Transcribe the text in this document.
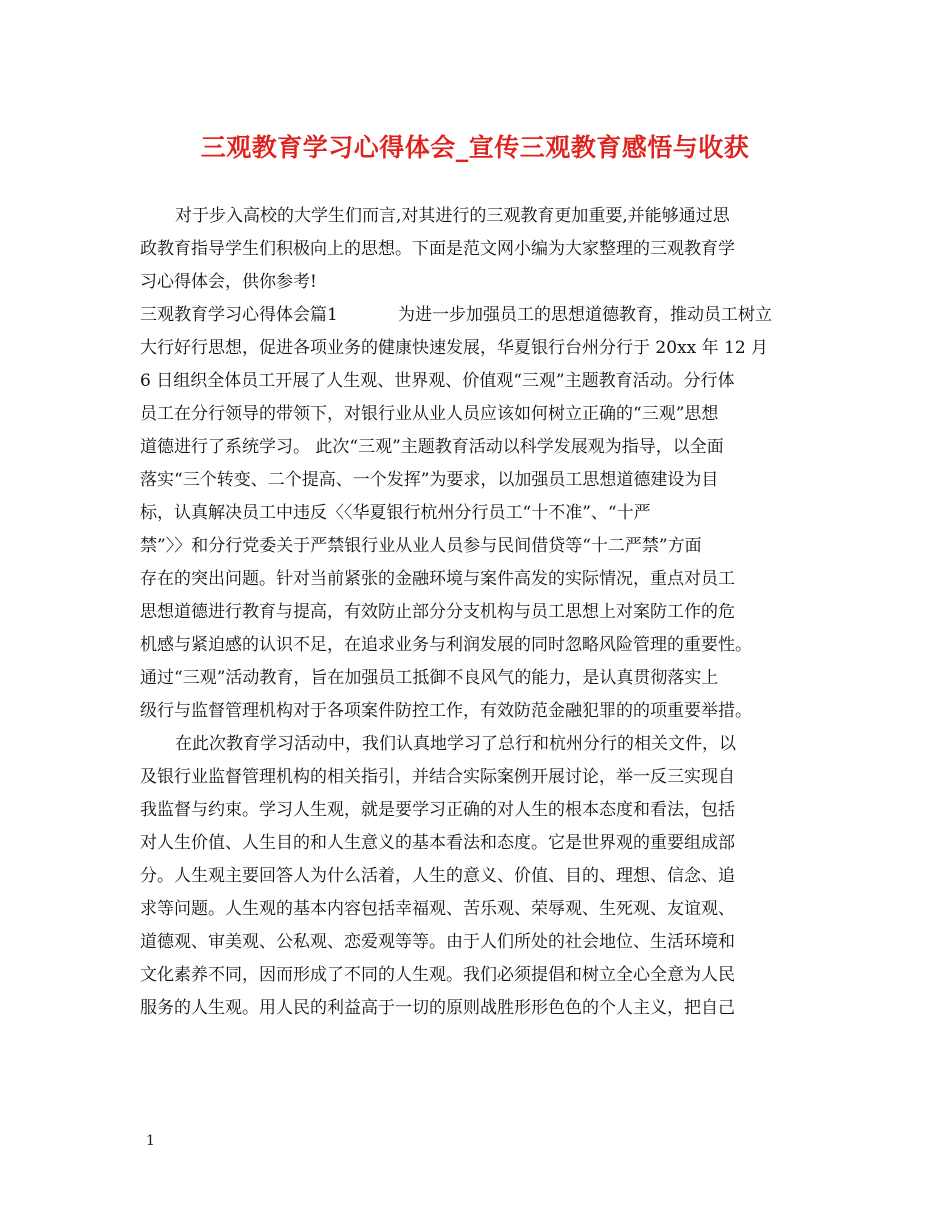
三观教育学习心得体会_宣传三观教育感悟与收获
对于步入高校的大学生们而言,对其进行的三观教育更加重要,并能够通过思
政教育指导学生们积极向上的思想。下面是范文网小编为大家整理的三观教育学
习心得体会，供你参考!
三观教育学习心得体会篇1	为进一步加强员工的思想道德教育，推动员工树立
大行好行思想，促进各项业务的健康快速发展，华夏银行台州分行于 20xx 年 12 月
6 日组织全体员工开展了人生观、世界观、价值观“三观”主题教育活动。分行体
员工在分行领导的带领下，对银行业从业人员应该如何树立正确的“三观”思想
道德进行了系统学习。 此次“三观”主题教育活动以科学发展观为指导，以全面
落实“三个转变、二个提高、一个发挥”为要求，以加强员工思想道德建设为目
标，认真解决员工中违反〈〈华夏银行杭州分行员工“十不准”、“十严
禁”〉〉和分行党委关于严禁银行业从业人员参与民间借贷等“十二严禁”方面
存在的突出问题。针对当前紧张的金融环境与案件高发的实际情况，重点对员工
思想道德进行教育与提高，有效防止部分分支机构与员工思想上对案防工作的危
机感与紧迫感的认识不足，在追求业务与利润发展的同时忽略风险管理的重要性。
通过“三观”活动教育，旨在加强员工抵御不良风气的能力，是认真贯彻落实上
级行与监督管理机构对于各项案件防控工作，有效防范金融犯罪的的项重要举措。
在此次教育学习活动中，我们认真地学习了总行和杭州分行的相关文件，以
及银行业监督管理机构的相关指引，并结合实际案例开展讨论，举一反三实现自
我监督与约束。学习人生观，就是要学习正确的对人生的根本态度和看法，包括
对人生价值、人生目的和人生意义的基本看法和态度。它是世界观的重要组成部
分。人生观主要回答人为什么活着，人生的意义、价值、目的、理想、信念、追
求等问题。人生观的基本内容包括幸福观、苦乐观、荣辱观、生死观、友谊观、
道德观、审美观、公私观、恋爱观等等。由于人们所处的社会地位、生活环境和
文化素养不同，因而形成了不同的人生观。我们必须提倡和树立全心全意为人民
服务的人生观。用人民的利益高于一切的原则战胜形形色色的个人主义，把自己
1
